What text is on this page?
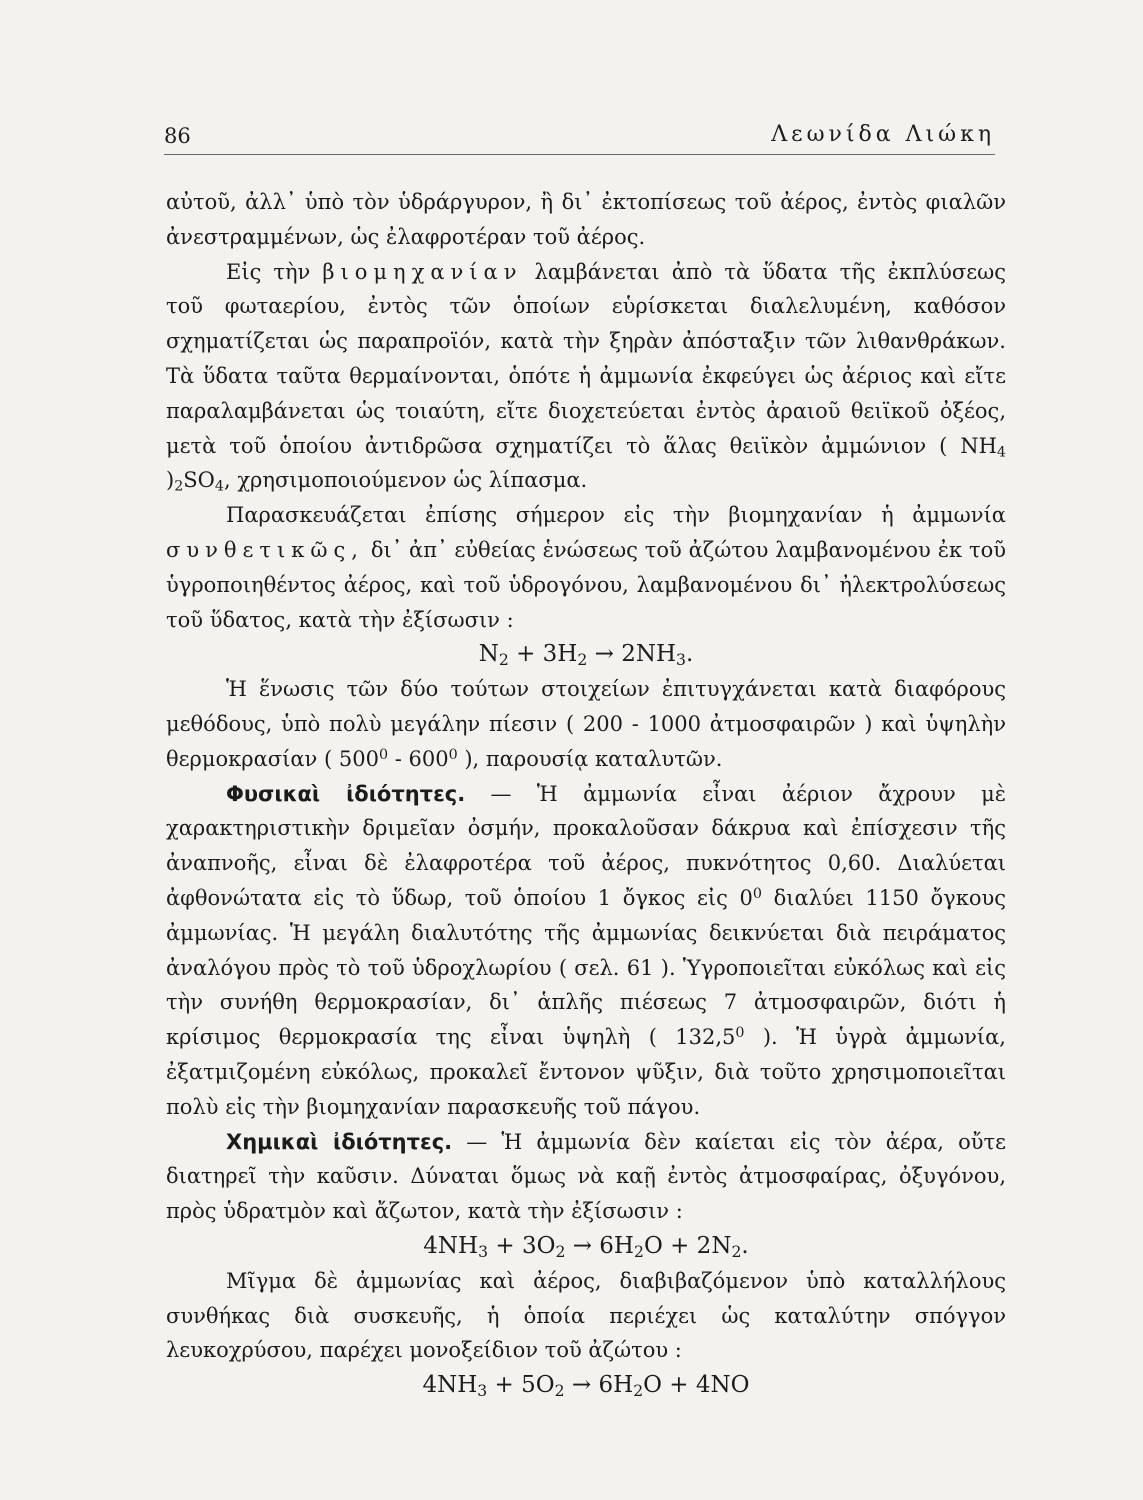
86	Λεωνίδα Λιώκη

αὐτοῦ, ἀλλ᾽ ὑπὸ τὸν ὑδράργυρον, ἢ δι᾽ ἐκτοπίσεως τοῦ ἀέρος, ἐντὸς φιαλῶν ἀνεστραμμένων, ὡς ἐλαφροτέραν τοῦ ἀέρος.

Εἰς τὴν βιομηχανίαν λαμβάνεται ἀπὸ τὰ ὕδατα τῆς ἐκπλύσεως τοῦ φωταερίου, ἐντὸς τῶν ὁποίων εὑρίσκεται διαλελυμένη, καθόσον σχηματίζεται ὡς παραπροϊόν, κατὰ τὴν ξηρὰν ἀπόσταξιν τῶν λιθανθράκων. Τὰ ὕδατα ταῦτα θερμαίνονται, ὁπότε ἡ ἀμμωνία ἐκφεύγει ὡς ἀέριος καὶ εἴτε παραλαμβάνεται ὡς τοιαύτη, εἴτε διοχετεύεται ἐντὸς ἀραιοῦ θειϊκοῦ ὀξέος, μετὰ τοῦ ὁποίου ἀντιδρῶσα σχηματίζει τὸ ἅλας θειϊκὸν ἀμμώνιον ( $NH_4$ )$_2SO_4$, χρησιμοποιούμενον ὡς λίπασμα.

Παρασκευάζεται ἐπίσης σήμερον εἰς τὴν βιομηχανίαν ἡ ἀμμωνία συνθετικῶς, δι᾽ ἀπ᾽ εὐθείας ἑνώσεως τοῦ ἀζώτου λαμβανομένου ἐκ τοῦ ὑγροποιηθέντος ἀέρος, καὶ τοῦ ὑδρογόνου, λαμβανομένου δι᾽ ἠλεκτρολύσεως τοῦ ὕδατος, κατὰ τὴν ἐξίσωσιν :

$N_2 + 3H_2 \to 2NH_3$.

Ἡ ἕνωσις τῶν δύο τούτων στοιχείων ἐπιτυγχάνεται κατὰ διαφόρους μεθόδους, ὑπὸ πολὺ μεγάλην πίεσιν ( 200 - 1000 ἀτμοσφαιρῶν ) καὶ ὑψηλὴν θερμοκρασίαν ( $500^0 - 600^0$ ), παρουσίᾳ καταλυτῶν.

Φυσικαὶ ἰδιότητες. — Ἡ ἀμμωνία εἶναι ἀέριον ἄχρουν μὲ χαρακτηριστικὴν δριμεῖαν ὀσμήν, προκαλοῦσαν δάκρυα καὶ ἐπίσχεσιν τῆς ἀναπνοῆς, εἶναι δὲ ἐλαφροτέρα τοῦ ἀέρος, πυκνότητος 0,60. Διαλύεται ἀφθονώτατα εἰς τὸ ὕδωρ, τοῦ ὁποίου 1 ὄγκος εἰς $0^0$ διαλύει 1150 ὄγκους ἀμμωνίας. Ἡ μεγάλη διαλυτότης τῆς ἀμμωνίας δεικνύεται διὰ πειράματος ἀναλόγου πρὸς τὸ τοῦ ὑδροχλωρίου ( σελ. 61 ). Ὑγροποιεῖται εὐκόλως καὶ εἰς τὴν συνήθη θερμοκρασίαν, δι᾽ ἁπλῆς πιέσεως 7 ἀτμοσφαιρῶν, διότι ἡ κρίσιμος θερμοκρασία της εἶναι ὑψηλὴ ( 132,5$^0$ ). Ἡ ὑγρὰ ἀμμωνία, ἐξατμιζομένη εὐκόλως, προκαλεῖ ἔντονον ψῦξιν, διὰ τοῦτο χρησιμοποιεῖται πολὺ εἰς τὴν βιομηχανίαν παρασκευῆς τοῦ πάγου.

Χημικαὶ ἰδιότητες. — Ἡ ἀμμωνία δὲν καίεται εἰς τὸν ἀέρα, οὔτε διατηρεῖ τὴν καῦσιν. Δύναται ὅμως νὰ καῇ ἐντὸς ἀτμοσφαίρας, ὀξυγόνου, πρὸς ὑδρατμὸν καὶ ἄζωτον, κατὰ τὴν ἐξίσωσιν :

$4NH_3 + 3O_2 \to 6H_2O + 2N_2$.

Μῖγμα δὲ ἀμμωνίας καὶ ἀέρος, διαβιβαζόμενον ὑπὸ καταλλήλους συνθήκας διὰ συσκευῆς, ἡ ὁποία περιέχει ὡς καταλύτην σπόγγον λευκοχρύσου, παρέχει μονοξείδιον τοῦ ἀζώτου :

$4NH_3 + 5O_2 \to 6H_2O + 4NO$
